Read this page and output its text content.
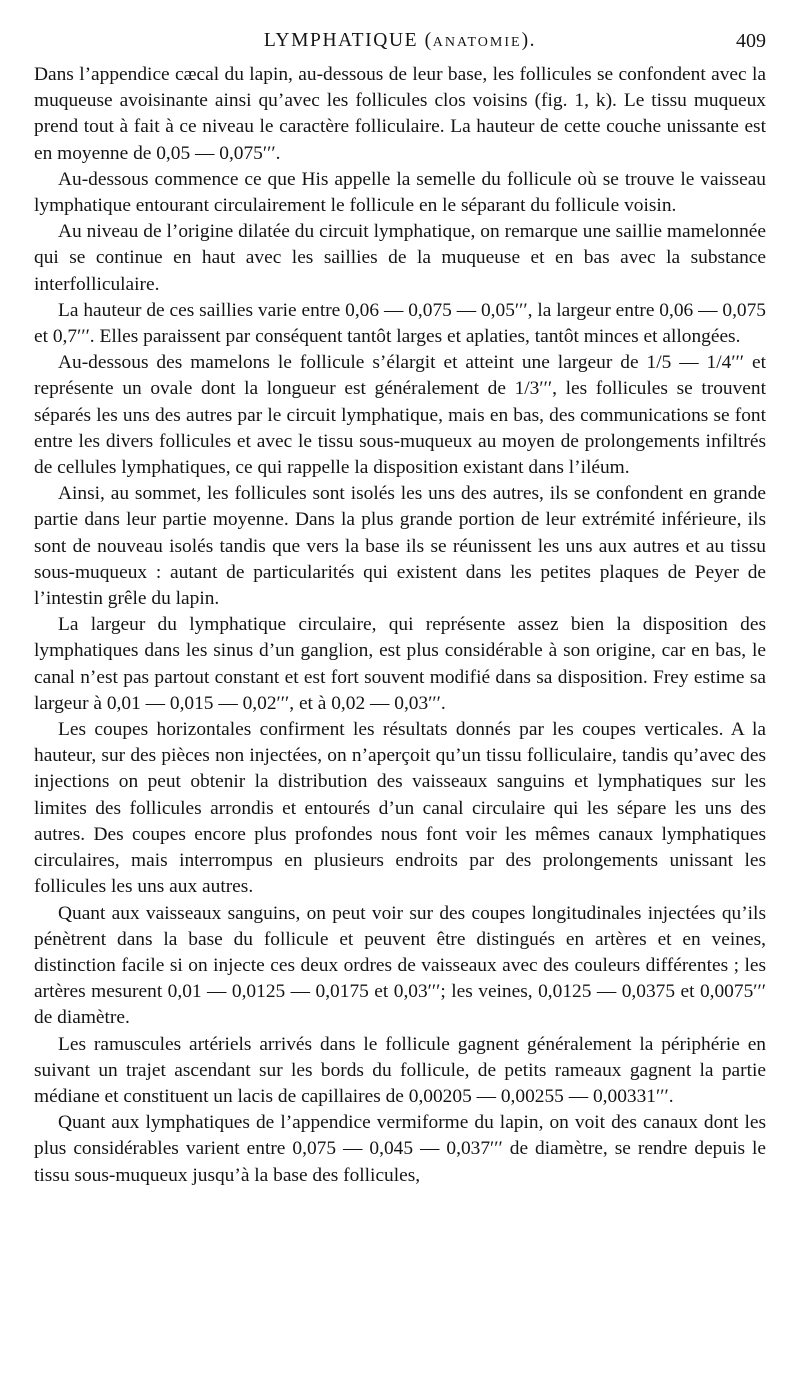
LYMPHATIQUE (ANATOMIE).	409

Dans l’appendice cæcal du lapin, au-dessous de leur base, les follicules se confondent avec la muqueuse avoisinante ainsi qu’avec les follicules clos voisins (fig. 1, k). Le tissu muqueux prend tout à fait à ce niveau le caractère folliculaire. La hauteur de cette couche unissante est en moyenne de 0,05 — 0,075′′′.

Au-dessous commence ce que His appelle la semelle du follicule où se trouve le vaisseau lymphatique entourant circulairement le follicule en le séparant du follicule voisin.

Au niveau de l’origine dilatée du circuit lymphatique, on remarque une saillie mamelonnée qui se continue en haut avec les saillies de la muqueuse et en bas avec la substance interfolliculaire.

La hauteur de ces saillies varie entre 0,06 — 0,075 — 0,05′′′, la largeur entre 0,06 — 0,075 et 0,7′′′. Elles paraissent par conséquent tantôt larges et aplaties, tantôt minces et allongées.

Au-dessous des mamelons le follicule s’élargit et atteint une largeur de 1/5 — 1/4′′′ et représente un ovale dont la longueur est généralement de 1/3′′′, les follicules se trouvent séparés les uns des autres par le circuit lymphatique, mais en bas, des communications se font entre les divers follicules et avec le tissu sous-muqueux au moyen de prolongements infiltrés de cellules lymphatiques, ce qui rappelle la disposition existant dans l’iléum.

Ainsi, au sommet, les follicules sont isolés les uns des autres, ils se confondent en grande partie dans leur partie moyenne. Dans la plus grande portion de leur extrémité inférieure, ils sont de nouveau isolés tandis que vers la base ils se réunissent les uns aux autres et au tissu sous-muqueux : autant de particularités qui existent dans les petites plaques de Peyer de l’intestin grêle du lapin.

La largeur du lymphatique circulaire, qui représente assez bien la disposition des lymphatiques dans les sinus d’un ganglion, est plus considérable à son origine, car en bas, le canal n’est pas partout constant et est fort souvent modifié dans sa disposition. Frey estime sa largeur à 0,01 — 0,015 — 0,02′′′, et à 0,02 — 0,03′′′.

Les coupes horizontales confirment les résultats donnés par les coupes verticales. A la hauteur, sur des pièces non injectées, on n’aperçoit qu’un tissu folliculaire, tandis qu’avec des injections on peut obtenir la distribution des vaisseaux sanguins et lymphatiques sur les limites des follicules arrondis et entourés d’un canal circulaire qui les sépare les uns des autres. Des coupes encore plus profondes nous font voir les mêmes canaux lymphatiques circulaires, mais interrompus en plusieurs endroits par des prolongements unissant les follicules les uns aux autres.

Quant aux vaisseaux sanguins, on peut voir sur des coupes longitudinales injectées qu’ils pénètrent dans la base du follicule et peuvent être distingués en artères et en veines, distinction facile si on injecte ces deux ordres de vaisseaux avec des couleurs différentes ; les artères mesurent 0,01 — 0,0125 — 0,0175 et 0,03′′′; les veines, 0,0125 — 0,0375 et 0,0075′′′ de diamètre.

Les ramuscules artériels arrivés dans le follicule gagnent généralement la périphérie en suivant un trajet ascendant sur les bords du follicule, de petits rameaux gagnent la partie médiane et constituent un lacis de capillaires de 0,00205 — 0,00255 — 0,00331′′′.

Quant aux lymphatiques de l’appendice vermiforme du lapin, on voit des canaux dont les plus considérables varient entre 0,075 — 0,045 — 0,037′′′ de diamètre, se rendre depuis le tissu sous-muqueux jusqu’à la base des follicules,
